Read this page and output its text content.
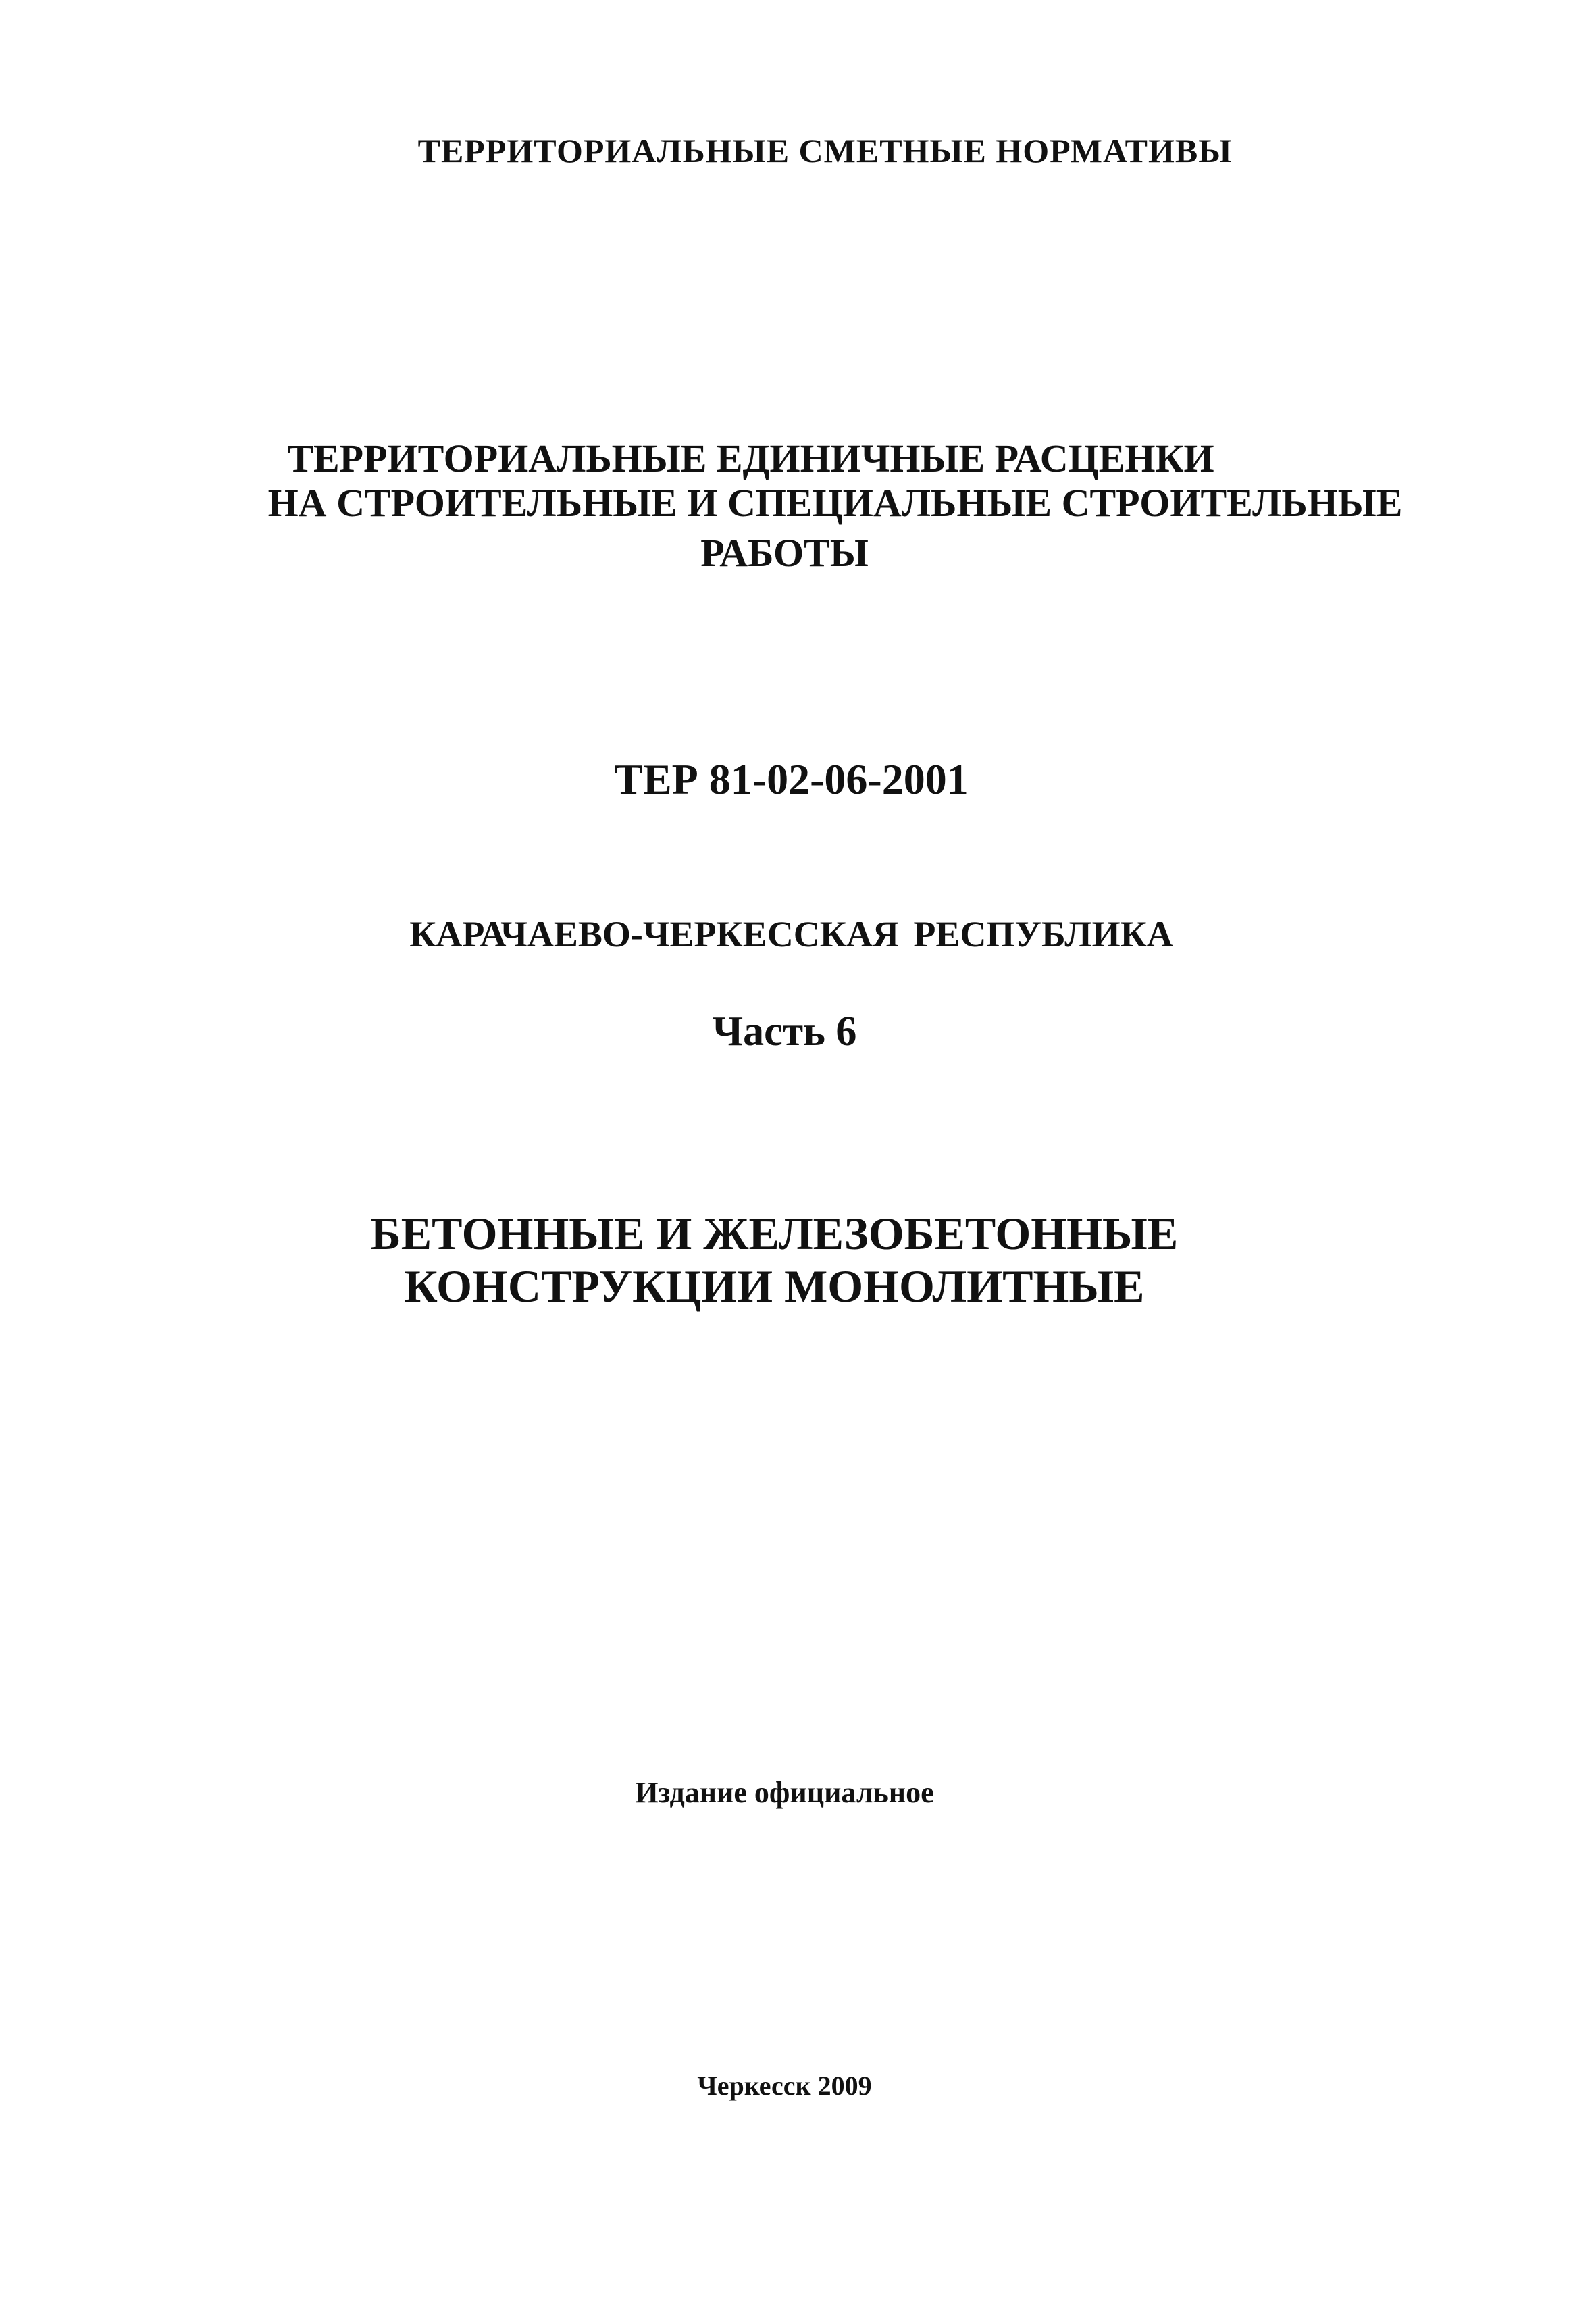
ТЕРРИТОРИАЛЬНЫЕ СМЕТНЫЕ НОРМАТИВЫ
ТЕРРИТОРИАЛЬНЫЕ ЕДИНИЧНЫЕ РАСЦЕНКИ
НА СТРОИТЕЛЬНЫЕ И СПЕЦИАЛЬНЫЕ СТРОИТЕЛЬНЫЕ
РАБОТЫ
ТЕР 81-02-06-2001
КАРАЧАЕВО-ЧЕРКЕССКАЯ РЕСПУБЛИКА
Часть 6
БЕТОННЫЕ И ЖЕЛЕЗОБЕТОННЫЕ
КОНСТРУКЦИИ МОНОЛИТНЫЕ
Издание официальное
Черкесск 2009
